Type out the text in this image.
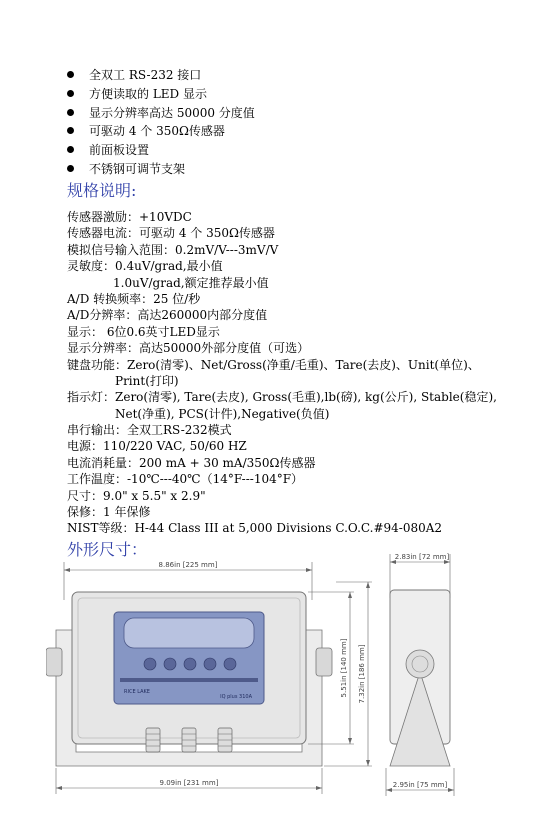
全双工 RS-232 接口
方便读取的 LED 显示
显示分辨率高达 50000 分度值
可驱动 4 个 350Ω传感器
前面板设置
不锈钢可调节支架
规格说明:
传感器激励：+10VDC
传感器电流：可驱动 4 个 350Ω传感器
模拟信号输入范围：0.2mV/V---3mV/V
灵敏度：0.4uV/grad,最小值
1.0uV/grad,额定推荐最小值
A/D 转换频率：25 位/秒
A/D分辨率：高达260000内部分度值
显示： 6位0.6英寸LED显示
显示分辨率：高达50000外部分度值（可选）
键盘功能：Zero(清零)、Net/Gross(净重/毛重)、Tare(去皮)、Unit(单位)、
Print(打印)
指示灯：Zero(清零), Tare(去皮), Gross(毛重),lb(磅), kg(公斤), Stable(稳定),
Net(净重), PCS(计件),Negative(负值)
串行输出：全双工RS-232模式
电源：110/220 VAC, 50/60 HZ
电流消耗量：200 mA + 30 mA/350Ω传感器
工作温度：-10℃---40℃（14°F---104°F）
尺寸：9.0" x 5.5" x 2.9"
保修：1 年保修
NIST等级：H-44 Class III at 5,000 Divisions C.O.C.#94-080A2
外形尺寸：
8.86in [225 mm]
RICE LAKE
IQ plus 310A
9.09in [231 mm]
5.51in [140 mm] 7.32in [186 mm]
2.83in [72 mm]
2.95in [75 mm]
